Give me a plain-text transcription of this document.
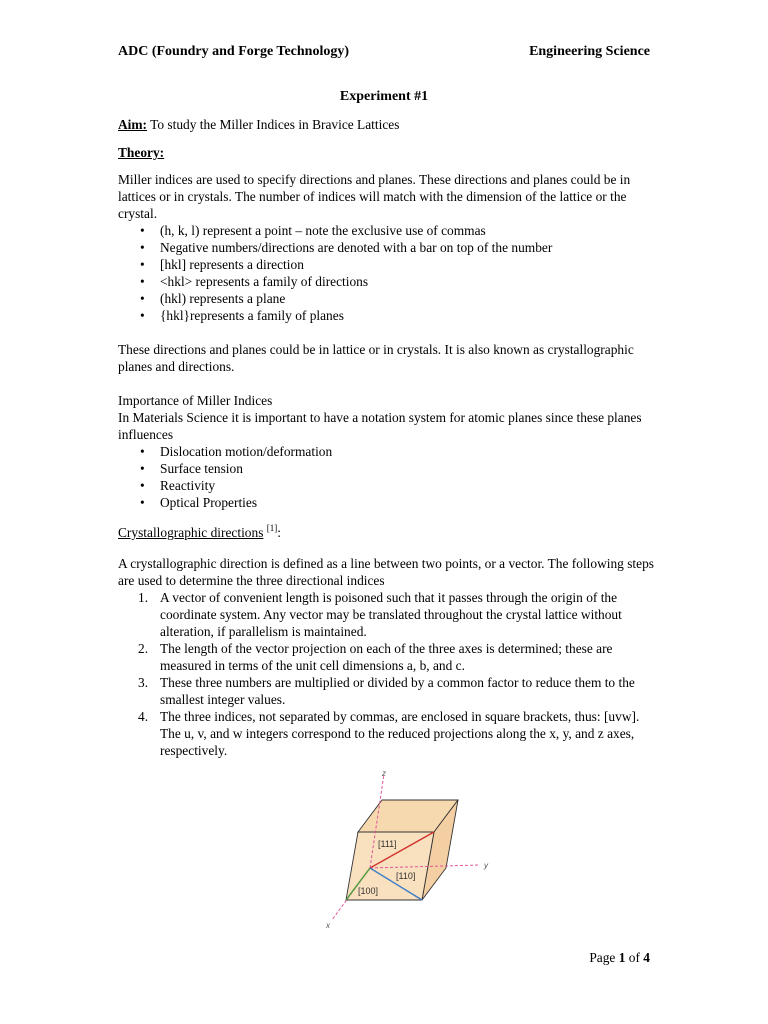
ADC (Foundry and Forge Technology)	Engineering Science
Experiment #1

Aim: To study the Miller Indices in Bravice Lattices

Theory:

Miller indices are used to specify directions and planes. These directions and planes could be in lattices or in crystals. The number of indices will match with the dimension of the lattice or the crystal.

• (h, k, l) represent a point – note the exclusive use of commas
• Negative numbers/directions are denoted with a bar on top of the number
• [hkl] represents a direction
• <hkl> represents a family of directions
• (hkl) represents a plane
• {hkl}represents a family of planes

These directions and planes could be in lattice or in crystals. It is also known as crystallographic planes and directions.

Importance of Miller Indices

In Materials Science it is important to have a notation system for atomic planes since these planes influences

• Dislocation motion/deformation
• Surface tension
• Reactivity
• Optical Properties

Crystallographic directions [1]:

A crystallographic direction is defined as a line between two points, or a vector. The following steps are used to determine the three directional indices

1. A vector of convenient length is poisoned such that it passes through the origin of the coordinate system. Any vector may be translated throughout the crystal lattice without alteration, if parallelism is maintained.
2. The length of the vector projection on each of the three axes is determined; these are measured in terms of the unit cell dimensions a, b, and c.
3. These three numbers are multiplied or divided by a common factor to reduce them to the smallest integer values.
4. The three indices, not separated by commas, are enclosed in square brackets, thus: [uvw]. The u, v, and w integers correspond to the reduced projections along the x, y, and z axes, respectively.
[111]
[110]
[100]
z
y
x
Page 1 of 4
